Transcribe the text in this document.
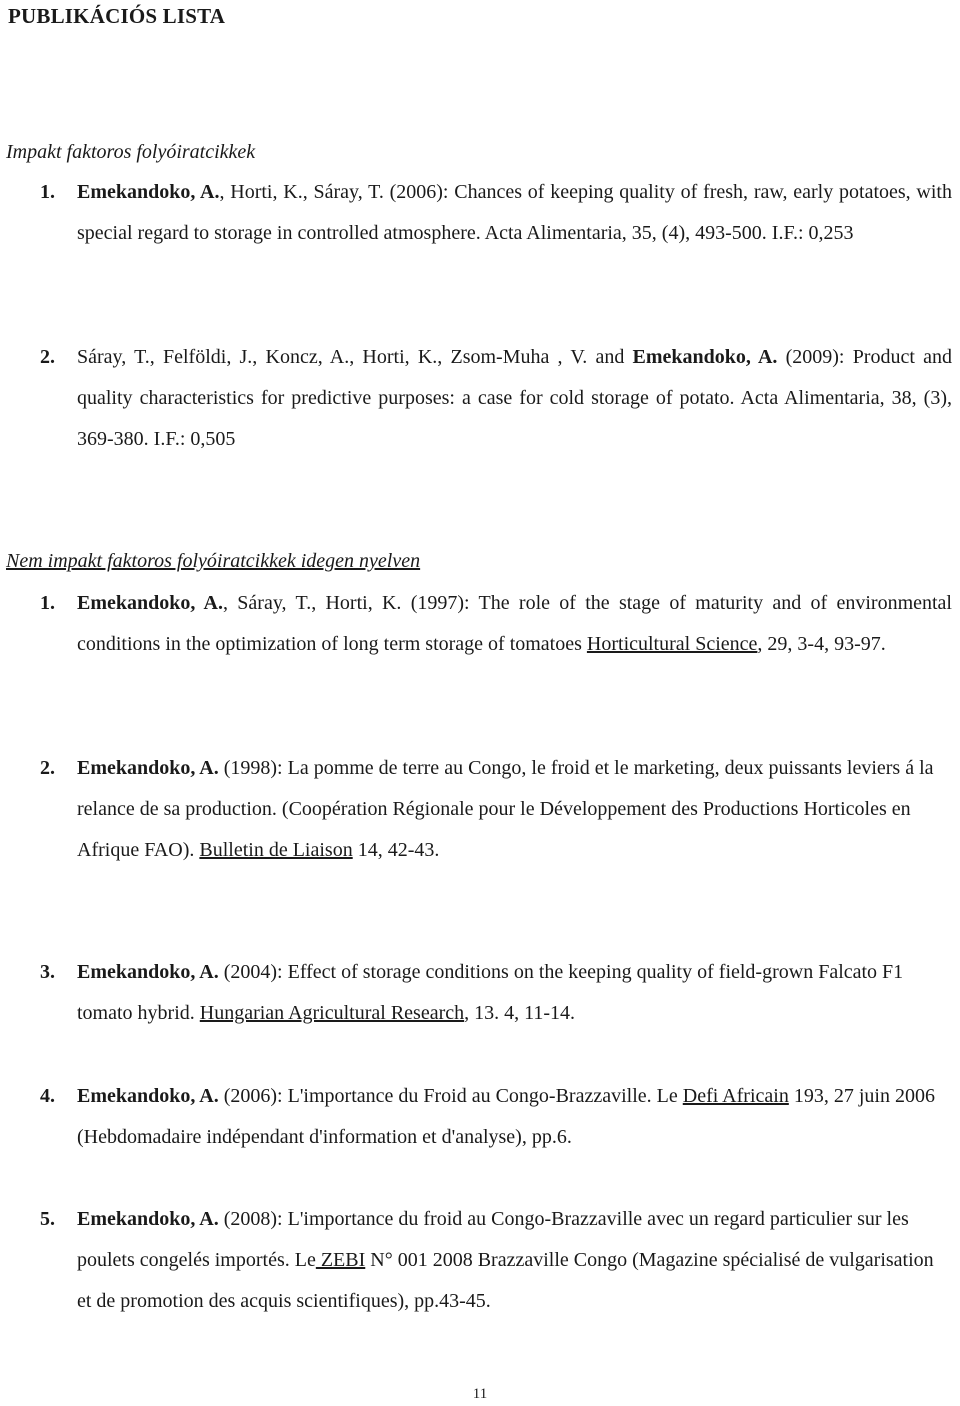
PUBLIKÁCIÓS LISTA
Impakt faktoros folyóiratcikkek
1. Emekandoko, A., Horti, K., Sáray, T. (2006): Chances of keeping quality of fresh, raw, early potatoes, with special regard to storage in controlled atmosphere. Acta Alimentaria, 35, (4), 493-500. I.F.: 0,253
2. Sáray, T., Felföldi, J., Koncz, A., Horti, K., Zsom-Muha , V. and Emekandoko, A. (2009): Product and quality characteristics for predictive purposes: a case for cold storage of potato. Acta Alimentaria, 38, (3), 369-380. I.F.: 0,505
Nem impakt faktoros folyóiratcikkek idegen nyelven
1. Emekandoko, A., Sáray, T., Horti, K. (1997): The role of the stage of maturity and of environmental conditions in the optimization of long term storage of tomatoes Horticultural Science, 29, 3-4, 93-97.
2. Emekandoko, A. (1998): La pomme de terre au Congo, le froid et le marketing, deux puissants leviers á la relance de sa production. (Coopération Régionale pour le Développement des Productions Horticoles en Afrique FAO). Bulletin de Liaison 14, 42-43.
3. Emekandoko, A. (2004): Effect of storage conditions on the keeping quality of field-grown Falcato F1 tomato hybrid. Hungarian Agricultural Research, 13. 4, 11-14.
4. Emekandoko, A. (2006): L'importance du Froid au Congo-Brazzaville. Le Defi Africain 193, 27 juin 2006 (Hebdomadaire indépendant d'information et d'analyse), pp.6.
5. Emekandoko, A. (2008): L'importance du froid au Congo-Brazzaville avec un regard particulier sur les poulets congelés importés. Le ZEBI N° 001 2008 Brazzaville Congo (Magazine spécialisé de vulgarisation et de promotion des acquis scientifiques), pp.43-45.
11
